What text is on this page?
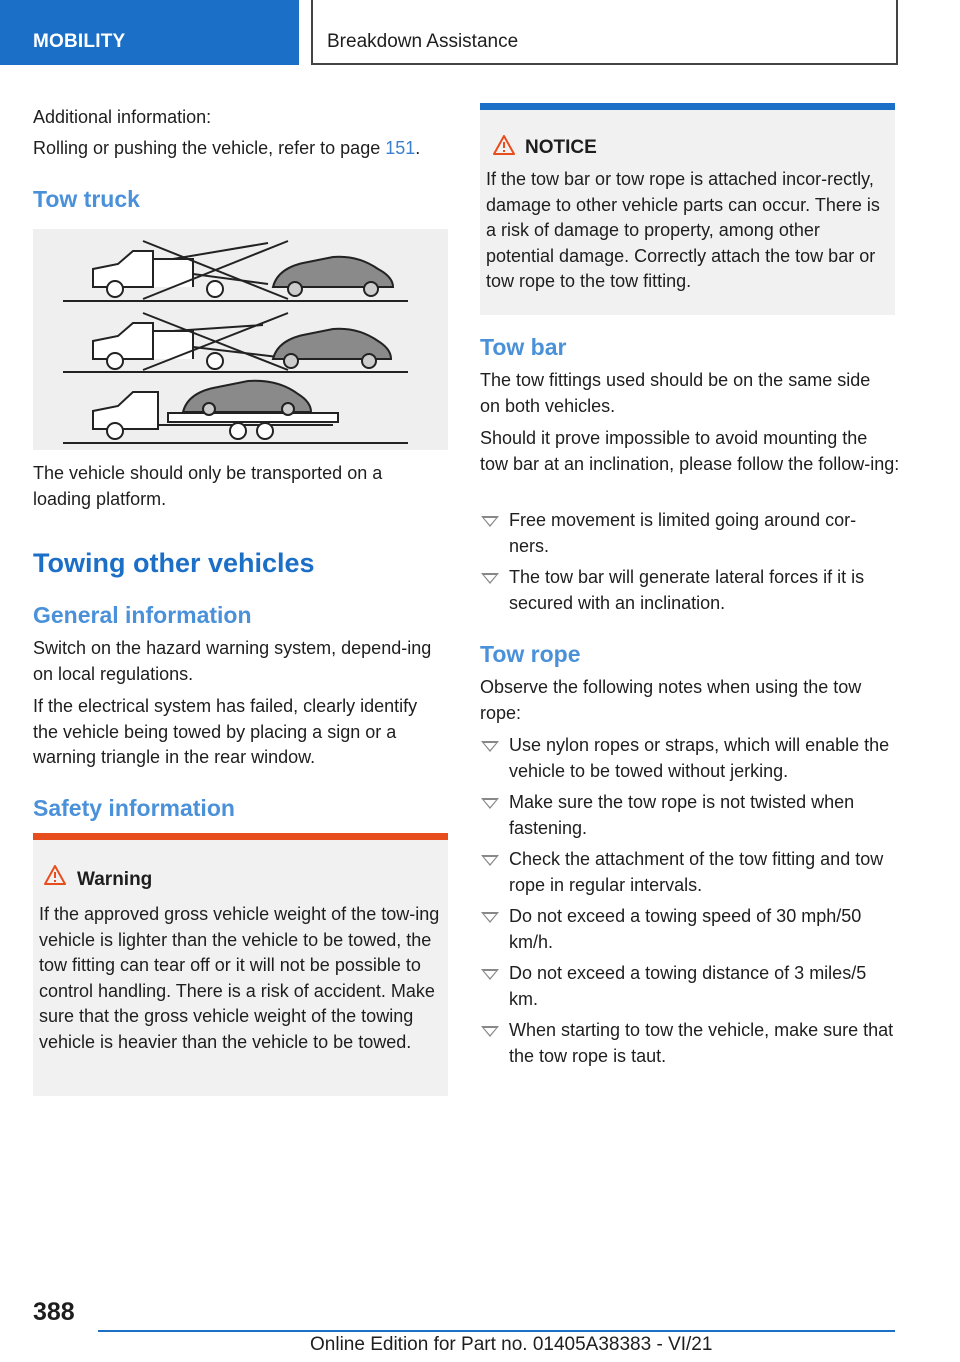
MOBILITY	Breakdown Assistance

Additional information:

Rolling or pushing the vehicle, refer to page 151.

Tow truck

The vehicle should only be transported on a loading platform.

Towing other vehicles
General information

Switch on the hazard warning system, depend-ing on local regulations.

If the electrical system has failed, clearly identify the vehicle being towed by placing a sign or a warning triangle in the rear window.

Safety information
Warning
If the approved gross vehicle weight of the tow-ing vehicle is lighter than the vehicle to be towed, the tow fitting can tear off or it will not be possible to control handling. There is a risk of accident. Make sure that the gross vehicle weight of the towing vehicle is heavier than the vehicle to be towed.
NOTICE
If the tow bar or tow rope is attached incor-rectly, damage to other vehicle parts can occur. There is a risk of damage to property, among other potential damage. Correctly attach the tow bar or tow rope to the tow fitting.
Tow bar

The tow fittings used should be on the same side on both vehicles.

Should it prove impossible to avoid mounting the tow bar at an inclination, please follow the follow-ing:

Free movement is limited going around cor-ners.
The tow bar will generate lateral forces if it is secured with an inclination.
Tow rope

Observe the following notes when using the tow rope:

Use nylon ropes or straps, which will enable the vehicle to be towed without jerking.
Make sure the tow rope is not twisted when fastening.
Check the attachment of the tow fitting and tow rope in regular intervals.
Do not exceed a towing speed of 30 mph/50 km/h.
Do not exceed a towing distance of 3 miles/5 km.
When starting to tow the vehicle, make sure that the tow rope is taut.
388
Online Edition for Part no. 01405A38383 - VI/21
